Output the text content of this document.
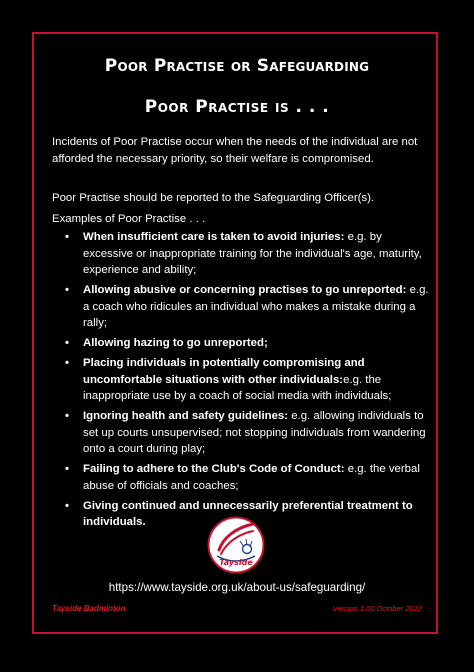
Poor Practise or Safeguarding
Poor Practise is . . .
Incidents of Poor Practise occur when the needs of the individual are not afforded the necessary priority, so their welfare is compromised.
Poor Practise should be reported to the Safeguarding Officer(s).
Examples of Poor Practise . . .
• When insufficient care is taken to avoid injuries: e.g. by excessive or inappropriate training for the individual's age, maturity, experience and ability;
• Allowing abusive or concerning practises to go unreported: e.g. a coach who ridicules an individual who makes a mistake during a rally;
• Allowing hazing to go unreported;
• Placing individuals in potentially compromising and uncomfortable situations with other individuals:e.g. the inappropriate use by a coach of social media with individuals;
• Ignoring health and safety guidelines: e.g. allowing individuals to set up courts unsupervised; not stopping individuals from wandering onto a court during play;
• Failing to adhere to the Club's Code of Conduct: e.g. the verbal abuse of officials and coaches;
• Giving continued and unnecessarily preferential treatment to individuals.
Tayside
https://www.tayside.org.uk/about-us/safeguarding/
Tayside Badminton	Version 1.00 October 2022
